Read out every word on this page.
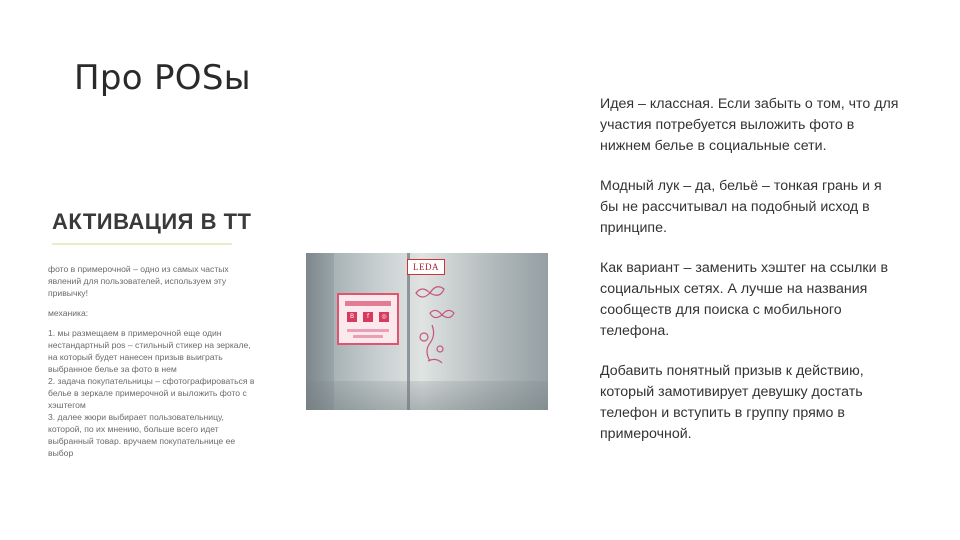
Про POSы

Идея – классная. Если забыть о том, что для участия потребуется выложить фото в нижнем белье в социальные сети.

Модный лук – да, бельё – тонкая грань и я бы не рассчитывал на подобный исход в принципе.

Как вариант – заменить хэштег на ссылки в социальных сетях. А лучше на названия сообществ для поиска с мобильного телефона.

Добавить понятный призыв к действию, который замотивирует девушку достать телефон и вступить в группу прямо в примерочной.

АКТИВАЦИЯ В ТТ
фото в примерочной – одно из самых частых
явлений для пользователей, используем эту
привычку!
механика:
1. мы размещаем в примерочной еще один
нестандартный pos – стильный стикер на зеркале,
на который будет нанесен призыв выиграть
выбранное белье за фото в нем
2. задача покупательницы – сфотографироваться в
белье в зеркале примерочной и выложить фото с
хэштегом
3. далее жюри выбирает пользовательницу,
которой, по их мнению, больше всего идет
выбранный товар. вручаем покупательнице ее
выбор
LEDA
B	f	◎
